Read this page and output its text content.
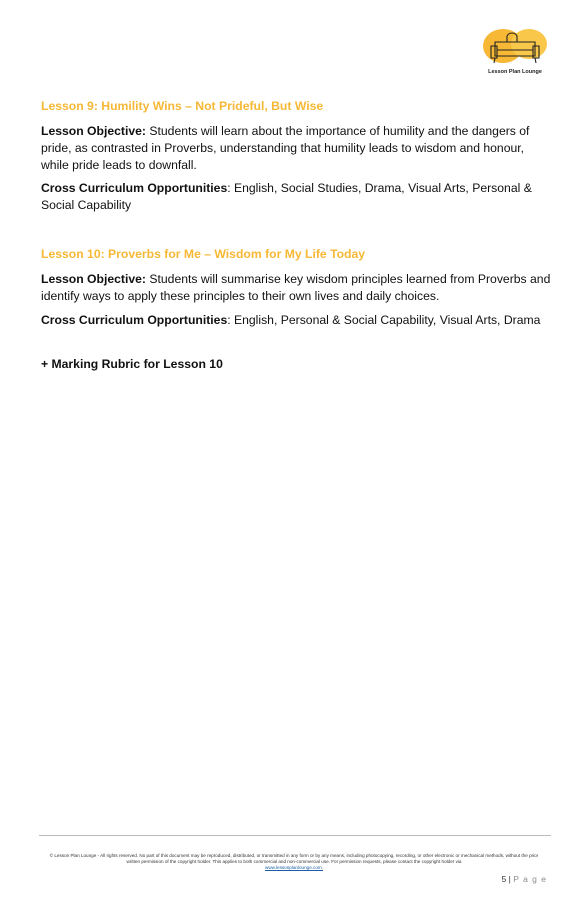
Lesson Plan Lounge
Lesson 9: Humility Wins – Not Prideful, But Wise

Lesson Objective: Students will learn about the importance of humility and the dangers of pride, as contrasted in Proverbs, understanding that humility leads to wisdom and honour, while pride leads to downfall.

Cross Curriculum Opportunities: English, Social Studies, Drama, Visual Arts, Personal & Social Capability

Lesson 10: Proverbs for Me – Wisdom for My Life Today

Lesson Objective: Students will summarise key wisdom principles learned from Proverbs and identify ways to apply these principles to their own lives and daily choices.

Cross Curriculum Opportunities: English, Personal & Social Capability, Visual Arts, Drama

+ Marking Rubric for Lesson 10

© Lesson Plan Lounge - All rights reserved. No part of this document may be reproduced, distributed, or transmitted in any form or by any means, including photocopying, recording, or other electronic or mechanical methods, without the prior written permission of the copyright holder. This applies to both commercial and non-commercial use. For permission requests, please contact the copyright holder via
www.lessonplanlounge.com.
5 | P a g e
